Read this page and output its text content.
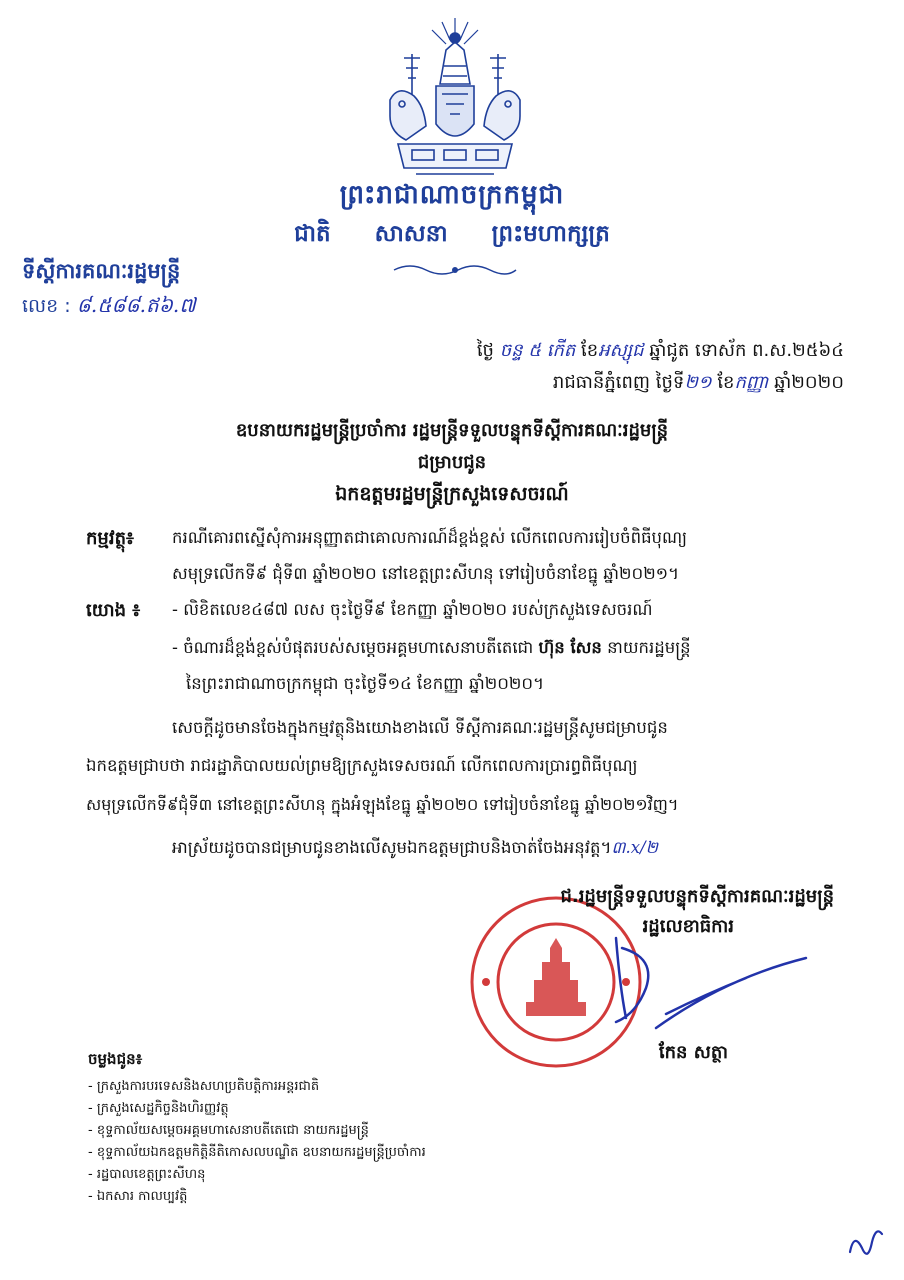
ព្រះរាជាណាចក្រកម្ពុជា
ជាតិ សាសនា ព្រះមហាក្សត្រ
ទីស្ដីការគណៈរដ្ឋមន្ត្រី
លេខ : ៨.៥៨៨.ឥ៦.៧
ថ្ងៃ ចន្ទ ៥ កើត ខែអស្សុជ ឆ្នាំជូត ទោស័ក ព.ស.២៥៦៤
រាជធានីភ្នំពេញ ថ្ងៃទី២១ ខែកញ្ញា ឆ្នាំ២០២០
ឧបនាយករដ្ឋមន្ត្រីប្រចាំការ រដ្ឋមន្ត្រីទទួលបន្ទុកទីស្ដីការគណៈរដ្ឋមន្ត្រី
ជម្រាបជូន
ឯកឧត្ដមរដ្ឋមន្ត្រីក្រសួងទេសចរណ៍
កម្មវត្ថុ៖ ករណីគោរពស្នើសុំការអនុញ្ញាតជាគោលការណ៍ដ៏ខ្ពង់ខ្ពស់ លើកពេលការរៀបចំពិធីបុណ្យ
សមុទ្រលើកទី៩ ជុំទី៣ ឆ្នាំ២០២០ នៅខេត្តព្រះសីហនុ ទៅរៀបចំនាខែធ្នូ ឆ្នាំ២០២១។
យោង ៖ - លិខិតលេខ៤៨៧ លស ចុះថ្ងៃទី៩ ខែកញ្ញា ឆ្នាំ២០២០ របស់ក្រសួងទេសចរណ៍
- ចំណារដ៏ខ្ពង់ខ្ពស់បំផុតរបស់សម្ដេចអគ្គមហាសេនាបតីតេជោ ហ៊ុន សែន នាយករដ្ឋមន្ត្រី
នៃព្រះរាជាណាចក្រកម្ពុជា ចុះថ្ងៃទី១៤ ខែកញ្ញា ឆ្នាំ២០២០។
សេចក្ដីដូចមានចែងក្នុងកម្មវត្ថុនិងយោងខាងលើ ទីស្ដីការគណៈរដ្ឋមន្ត្រីសូមជម្រាបជូន
ឯកឧត្ដមជ្រាបថា រាជរដ្ឋាភិបាលយល់ព្រមឱ្យក្រសួងទេសចរណ៍ លើកពេលការប្រារព្ធពិធីបុណ្យ
សមុទ្រលើកទី៩ជុំទី៣ នៅខេត្តព្រះសីហនុ ក្នុងអំឡុងខែធ្នូ ឆ្នាំ២០២០ ទៅរៀបចំនាខែធ្នូ ឆ្នាំ២០២១វិញ។
អាស្រ័យដូចបានជម្រាបជូនខាងលើសូមឯកឧត្ដមជ្រាបនិងចាត់ចែងអនុវត្ត។៣.x/២
ជ.រដ្ឋមន្ត្រីទទួលបន្ទុកទីស្ដីការគណៈរដ្ឋមន្ត្រី
រដ្ឋលេខាធិការ
កែន សត្ថា
ចម្លងជូន៖
- ក្រសួងការបរទេសនិងសហប្រតិបត្តិការអន្ដរជាតិ
- ក្រសួងសេដ្ឋកិច្ចនិងហិរញ្ញវត្ថុ
- ខុទ្ទកាល័យសម្ដេចអគ្គមហាសេនាបតីតេជោ នាយករដ្ឋមន្ត្រី
- ខុទ្ទកាល័យឯកឧត្ដមកិត្តិនីតិកោសលបណ្ឌិត ឧបនាយករដ្ឋមន្ត្រីប្រចាំការ
- រដ្ឋបាលខេត្តព្រះសីហនុ
- ឯកសារ កាលប្បវត្តិ
